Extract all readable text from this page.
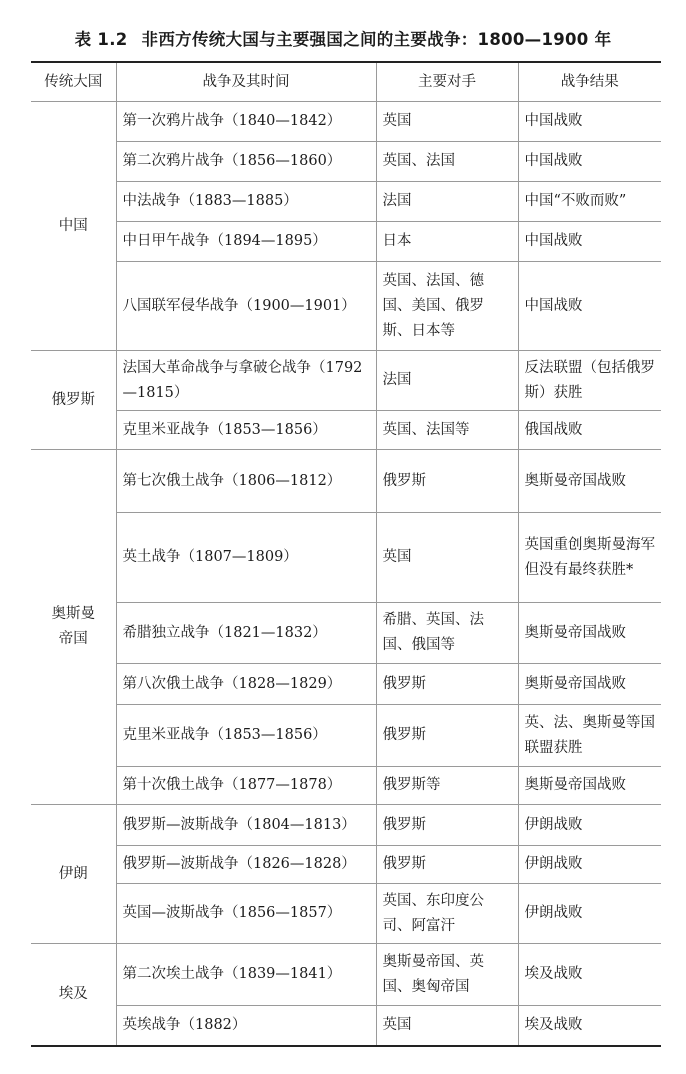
表 1.2 非西方传统大国与主要强国之间的主要战争：1800—1900 年
传统大国	战争及其时间	主要对手	战争结果
中国	第一次鸦片战争（1840—1842）	英国	中国战败
	第二次鸦片战争（1856—1860）	英国、法国	中国战败
	中法战争（1883—1885）	法国	中国“不败而败”
	中日甲午战争（1894—1895）	日本	中国战败
	八国联军侵华战争（1900—1901）	英国、法国、德国、美国、俄罗斯、日本等	中国战败
俄罗斯	法国大革命战争与拿破仑战争（1792—1815）	法国	反法联盟（包括俄罗斯）获胜
	克里米亚战争（1853—1856）	英国、法国等	俄国战败
奥斯曼帝国	第七次俄土战争（1806—1812）	俄罗斯	奥斯曼帝国战败
	英土战争（1807—1809）	英国	英国重创奥斯曼海军但没有最终获胜*
	希腊独立战争（1821—1832）	希腊、英国、法国、俄国等	奥斯曼帝国战败
	第八次俄土战争（1828—1829）	俄罗斯	奥斯曼帝国战败
	克里米亚战争（1853—1856）	俄罗斯	英、法、奥斯曼等国联盟获胜
	第十次俄土战争（1877—1878）	俄罗斯等	奥斯曼帝国战败
伊朗	俄罗斯—波斯战争（1804—1813）	俄罗斯	伊朗战败
	俄罗斯—波斯战争（1826—1828）	俄罗斯	伊朗战败
	英国—波斯战争（1856—1857）	英国、东印度公司、阿富汗	伊朗战败
埃及	第二次埃土战争（1839—1841）	奥斯曼帝国、英国、奥匈帝国	埃及战败
	英埃战争（1882）	英国	埃及战败
